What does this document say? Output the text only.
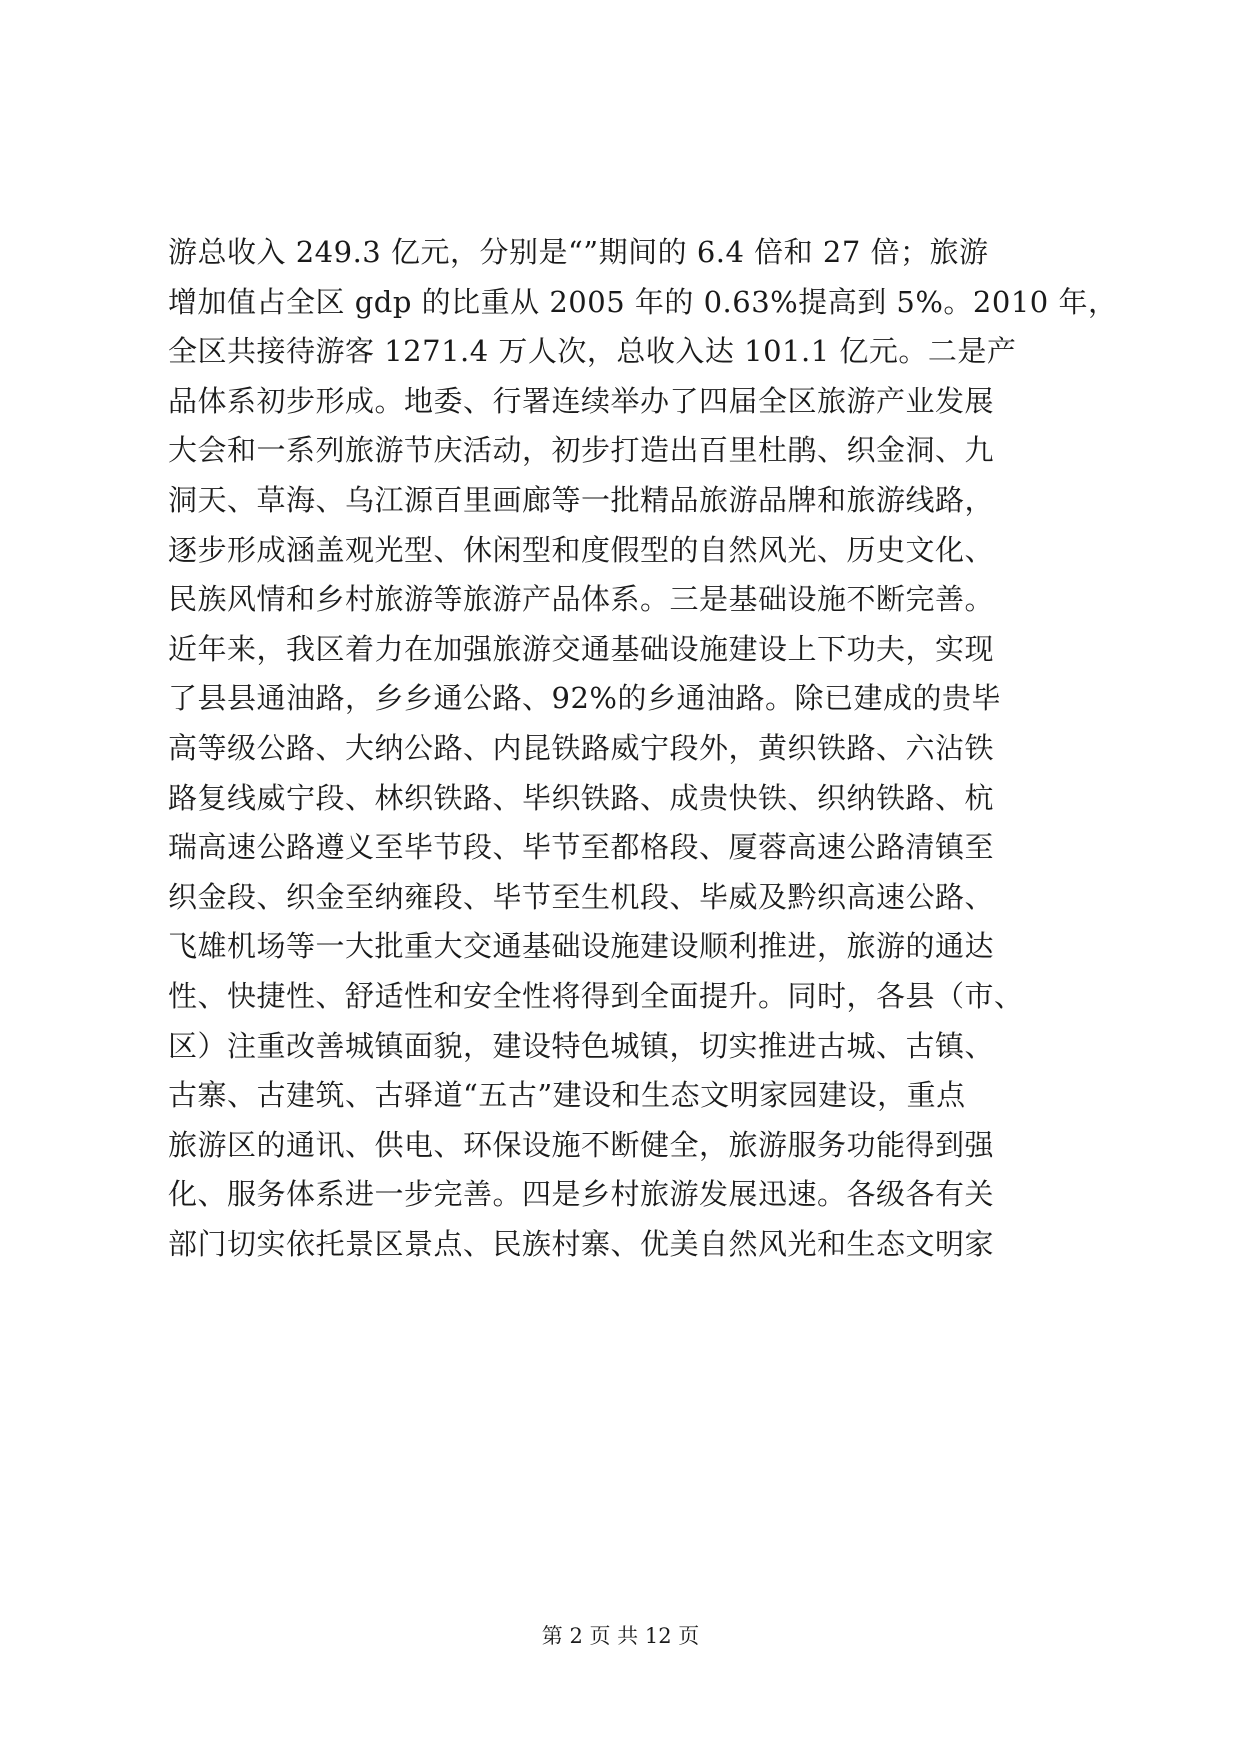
游总收入 249.3 亿元，分别是“”期间的 6.4 倍和 27 倍；旅游
增加值占全区 gdp 的比重从 2005 年的 0.63%提高到 5%。2010 年，
全区共接待游客 1271.4 万人次，总收入达 101.1 亿元。二是产
品体系初步形成。地委、行署连续举办了四届全区旅游产业发展
大会和一系列旅游节庆活动，初步打造出百里杜鹃、织金洞、九
洞天、草海、乌江源百里画廊等一批精品旅游品牌和旅游线路，
逐步形成涵盖观光型、休闲型和度假型的自然风光、历史文化、
民族风情和乡村旅游等旅游产品体系。三是基础设施不断完善。
近年来，我区着力在加强旅游交通基础设施建设上下功夫，实现
了县县通油路，乡乡通公路、92%的乡通油路。除已建成的贵毕
高等级公路、大纳公路、内昆铁路威宁段外，黄织铁路、六沾铁
路复线威宁段、林织铁路、毕织铁路、成贵快铁、织纳铁路、杭
瑞高速公路遵义至毕节段、毕节至都格段、厦蓉高速公路清镇至
织金段、织金至纳雍段、毕节至生机段、毕威及黔织高速公路、
飞雄机场等一大批重大交通基础设施建设顺利推进，旅游的通达
性、快捷性、舒适性和安全性将得到全面提升。同时，各县（市、
区）注重改善城镇面貌，建设特色城镇，切实推进古城、古镇、
古寨、古建筑、古驿道“五古”建设和生态文明家园建设，重点
旅游区的通讯、供电、环保设施不断健全，旅游服务功能得到强
化、服务体系进一步完善。四是乡村旅游发展迅速。各级各有关
部门切实依托景区景点、民族村寨、优美自然风光和生态文明家
第 2 页 共 12 页
